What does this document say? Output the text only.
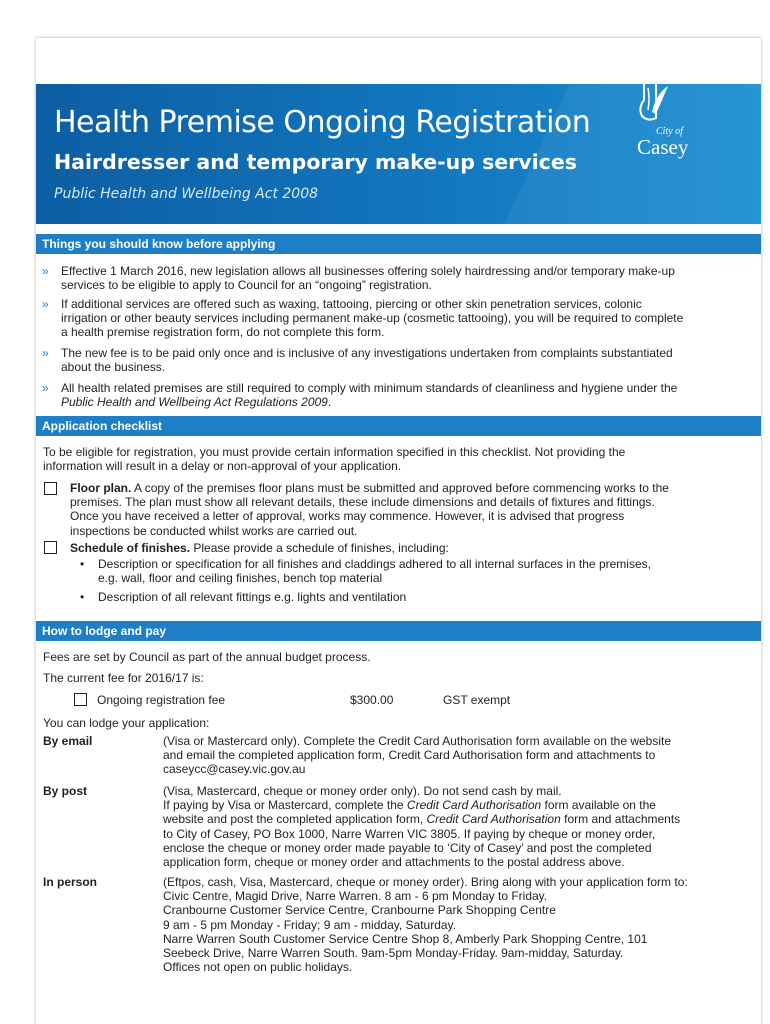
Health Premise Ongoing Registration
Hairdresser and temporary make-up services

Public Health and Wellbeing Act 2008

City of
Casey
Things you should know before applying
» Effective 1 March 2016, new legislation allows all businesses offering solely hairdressing and/or temporary make-up
services to be eligible to apply to Council for an “ongoing” registration.
» If additional services are offered such as waxing, tattooing, piercing or other skin penetration services, colonic
irrigation or other beauty services including permanent make-up (cosmetic tattooing), you will be required to complete
a health premise registration form, do not complete this form.
» The new fee is to be paid only once and is inclusive of any investigations undertaken from complaints substantiated
about the business.
» All health related premises are still required to comply with minimum standards of cleanliness and hygiene under the
Public Health and Wellbeing Act Regulations 2009.
Application checklist
To be eligible for registration, you must provide certain information specified in this checklist. Not providing the
information will result in a delay or non-approval of your application.
Floor plan. A copy of the premises floor plans must be submitted and approved before commencing works to the
premises. The plan must show all relevant details, these include dimensions and details of fixtures and fittings.
Once you have received a letter of approval, works may commence. However, it is advised that progress
inspections be conducted whilst works are carried out.
Schedule of finishes. Please provide a schedule of finishes, including:
• Description or specification for all finishes and claddings adhered to all internal surfaces in the premises,
e.g. wall, floor and ceiling finishes, bench top material
• Description of all relevant fittings e.g. lights and ventilation
How to lodge and pay
Fees are set by Council as part of the annual budget process.
The current fee for 2016/17 is:
Ongoing registration fee	$300.00	GST exempt
You can lodge your application:
By email	(Visa or Mastercard only). Complete the Credit Card Authorisation form available on the website
and email the completed application form, Credit Card Authorisation form and attachments to
caseycc@casey.vic.gov.au
By post	(Visa, Mastercard, cheque or money order only). Do not send cash by mail.
If paying by Visa or Mastercard, complete the Credit Card Authorisation form available on the
website and post the completed application form, Credit Card Authorisation form and attachments
to City of Casey, PO Box 1000, Narre Warren VIC 3805. If paying by cheque or money order,
enclose the cheque or money order made payable to ‘City of Casey’ and post the completed
application form, cheque or money order and attachments to the postal address above.
In person	(Eftpos, cash, Visa, Mastercard, cheque or money order). Bring along with your application form to:
Civic Centre, Magid Drive, Narre Warren. 8 am - 6 pm Monday to Friday.
Cranbourne Customer Service Centre, Cranbourne Park Shopping Centre
9 am - 5 pm Monday - Friday; 9 am - midday, Saturday.
Narre Warren South Customer Service Centre Shop 8, Amberly Park Shopping Centre, 101
Seebeck Drive, Narre Warren South. 9am-5pm Monday-Friday. 9am-midday, Saturday.
Offices not open on public holidays.
